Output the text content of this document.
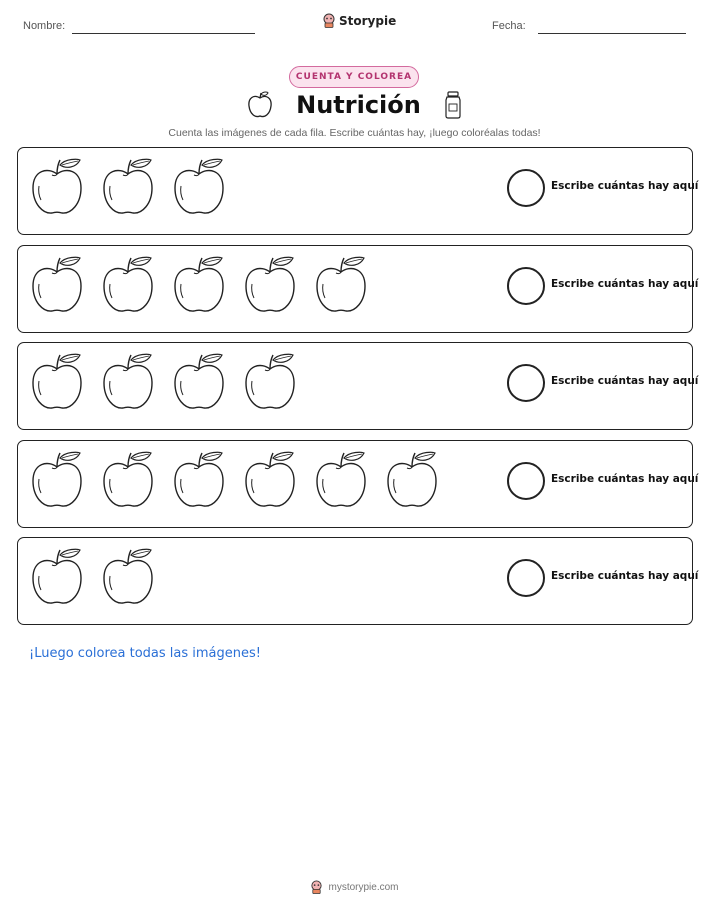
Nombre:	Storypie	Fecha:
CUENTA Y COLOREA
Nutrición
Cuenta las imágenes de cada fila. Escribe cuántas hay, ¡luego coloréalas todas!
Escribe cuántas hay aquí
Escribe cuántas hay aquí
Escribe cuántas hay aquí
Escribe cuántas hay aquí
Escribe cuántas hay aquí
¡Luego colorea todas las imágenes!
mystorypie.com
